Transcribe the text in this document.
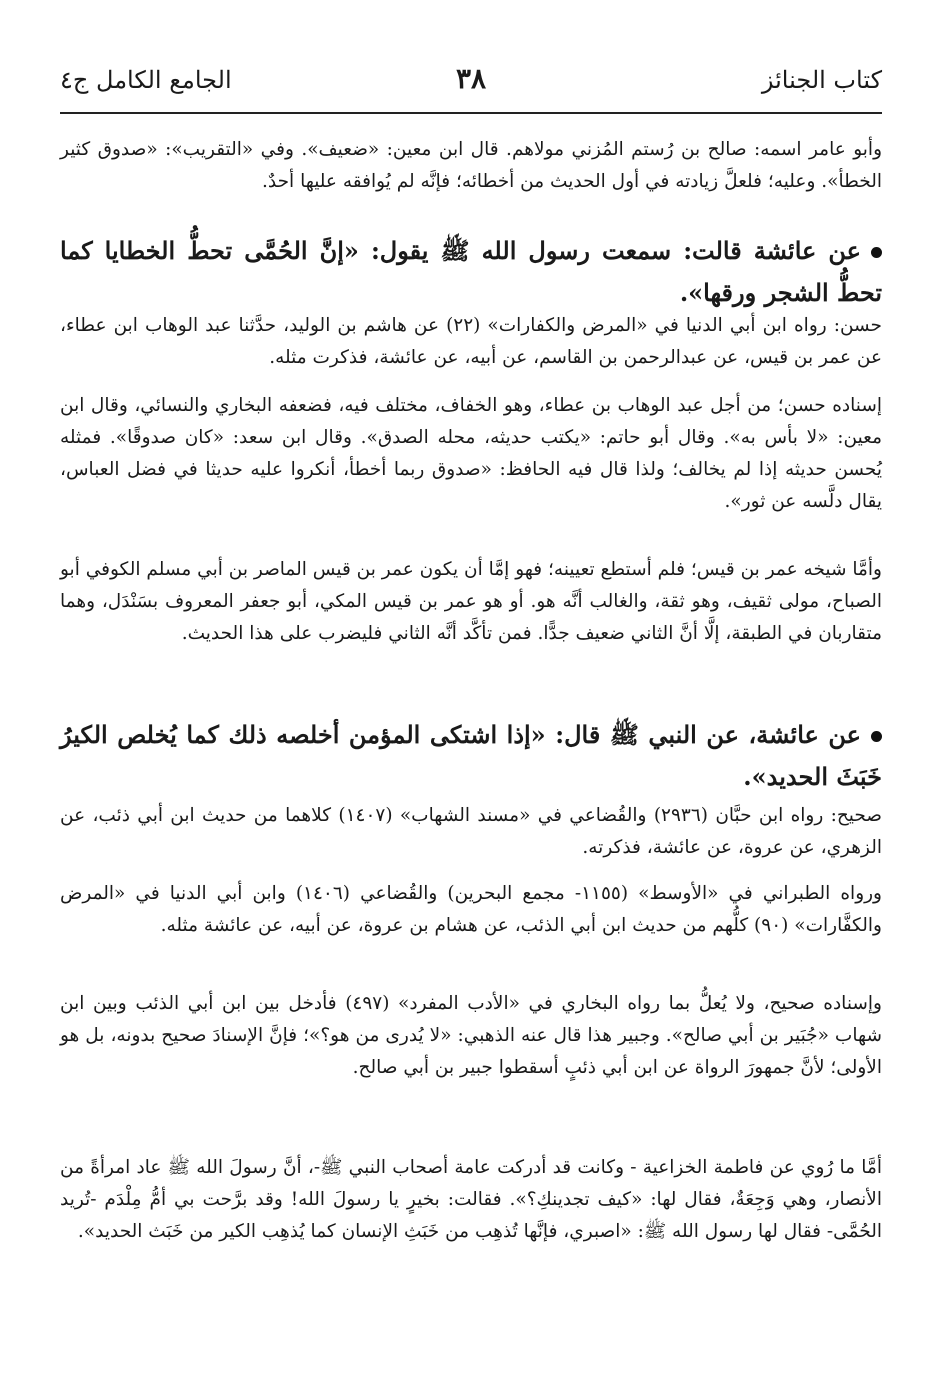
كتاب الجنائز
٣٨
الجامع الكامل ج٤

وأبو عامر اسمه: صالح بن رُستم المُزني مولاهم. قال ابن معين: «ضعيف». وفي «التقريب»: «صدوق كثير الخطأ». وعليه؛ فلعلَّ زيادته في أول الحديث من أخطائه؛ فإنَّه لم يُوافقه عليها أحدٌ.

عن عائشة قالت: سمعت رسول الله ﷺ يقول: «إنَّ الحُمَّى تحطُّ الخطايا كما تحطُّ الشجر ورقها».

حسن: رواه ابن أبي الدنيا في «المرض والكفارات» (٢٢) عن هاشم بن الوليد، حدَّثنا عبد الوهاب ابن عطاء، عن عمر بن قيس، عن عبدالرحمن بن القاسم، عن أبيه، عن عائشة، فذكرت مثله.

إسناده حسن؛ من أجل عبد الوهاب بن عطاء، وهو الخفاف، مختلف فيه، فضعفه البخاري والنسائي، وقال ابن معين: «لا بأس به». وقال أبو حاتم: «يكتب حديثه، محله الصدق». وقال ابن سعد: «كان صدوقًا». فمثله يُحسن حديثه إذا لم يخالف؛ ولذا قال فيه الحافظ: «صدوق ربما أخطأ، أنكروا عليه حديثا في فضل العباس، يقال دلَّسه عن ثور».

وأمَّا شيخه عمر بن قيس؛ فلم أستطع تعيينه؛ فهو إمَّا أن يكون عمر بن قيس الماصر بن أبي مسلم الكوفي أبو الصباح، مولى ثقيف، وهو ثقة، والغالب أنَّه هو. أو هو عمر بن قيس المكي، أبو جعفر المعروف بسَنْدَل، وهما متقاربان في الطبقة، إلَّا أنَّ الثاني ضعيف جدًّا. فمن تأكَّد أنَّه الثاني فليضرب على هذا الحديث.

عن عائشة، عن النبي ﷺ قال: «إذا اشتكى المؤمن أخلصه ذلك كما يُخلص الكيرُ خَبَثَ الحديد».

صحيح: رواه ابن حبَّان (٢٩٣٦) والقُضاعي في «مسند الشهاب» (١٤٠٧) كلاهما من حديث ابن أبي ذئب، عن الزهري، عن عروة، عن عائشة، فذكرته.

ورواه الطبراني في «الأوسط» (١١٥٥- مجمع البحرين) والقُضاعي (١٤٠٦) وابن أبي الدنيا في «المرض والكفَّارات» (٩٠) كلُّهم من حديث ابن أبي الذئب، عن هشام بن عروة، عن أبيه، عن عائشة مثله.

وإسناده صحيح، ولا يُعلُّ بما رواه البخاري في «الأدب المفرد» (٤٩٧) فأدخل بين ابن أبي الذئب وبين ابن شهاب «جُبَير بن أبي صالح». وجبير هذا قال عنه الذهبي: «لا يُدرى من هو؟»؛ فإنَّ الإسنادَ صحيح بدونه، بل هو الأولى؛ لأنَّ جمهورَ الرواة عن ابن أبي ذئبٍ أسقطوا جبير بن أبي صالح.

أمَّا ما رُوي عن فاطمة الخزاعية - وكانت قد أدركت عامة أصحاب النبي ﷺ-، أنَّ رسولَ الله ﷺ عاد امرأةً من الأنصار، وهي وَجِعَةٌ، فقال لها: «كيف تجدينكِ؟». فقالت: بخيرٍ يا رسولَ الله! وقد برَّحت بي أمُّ مِلْدَم -تُريد الحُمَّى- فقال لها رسول الله ﷺ: «اصبري، فإنَّها تُذهِب من خَبَثِ الإنسان كما يُذهِب الكير من خَبَث الحديد».
